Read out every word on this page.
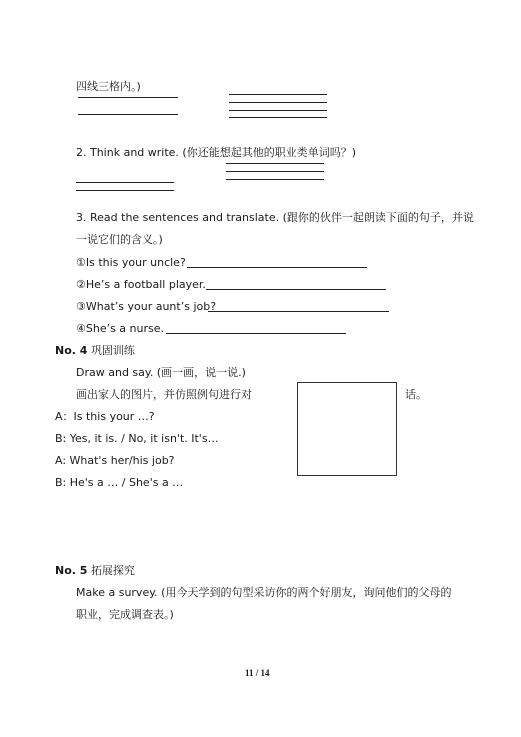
四线三格内。)
2. Think and write. (你还能想起其他的职业类单词吗？)
3. Read the sentences and translate. (跟你的伙伴一起朗读下面的句子，并说
一说它们的含义。)
①Is this your uncle?
②He’s a football player.
③What’s your aunt’s job?
④She’s a nurse.
No. 4 巩固训练
Draw and say. (画一画，说一说.)
画出家人的图片，并仿照例句进行对	话。
A：Is this your …?
B: Yes, it is. / No, it isn't. It's…
A: What's her/his job?
B: He's a … / She's a …
No. 5 拓展探究
Make a survey. (用今天学到的句型采访你的两个好朋友，询问他们的父母的
职业，完成调查表。)
11 / 14
